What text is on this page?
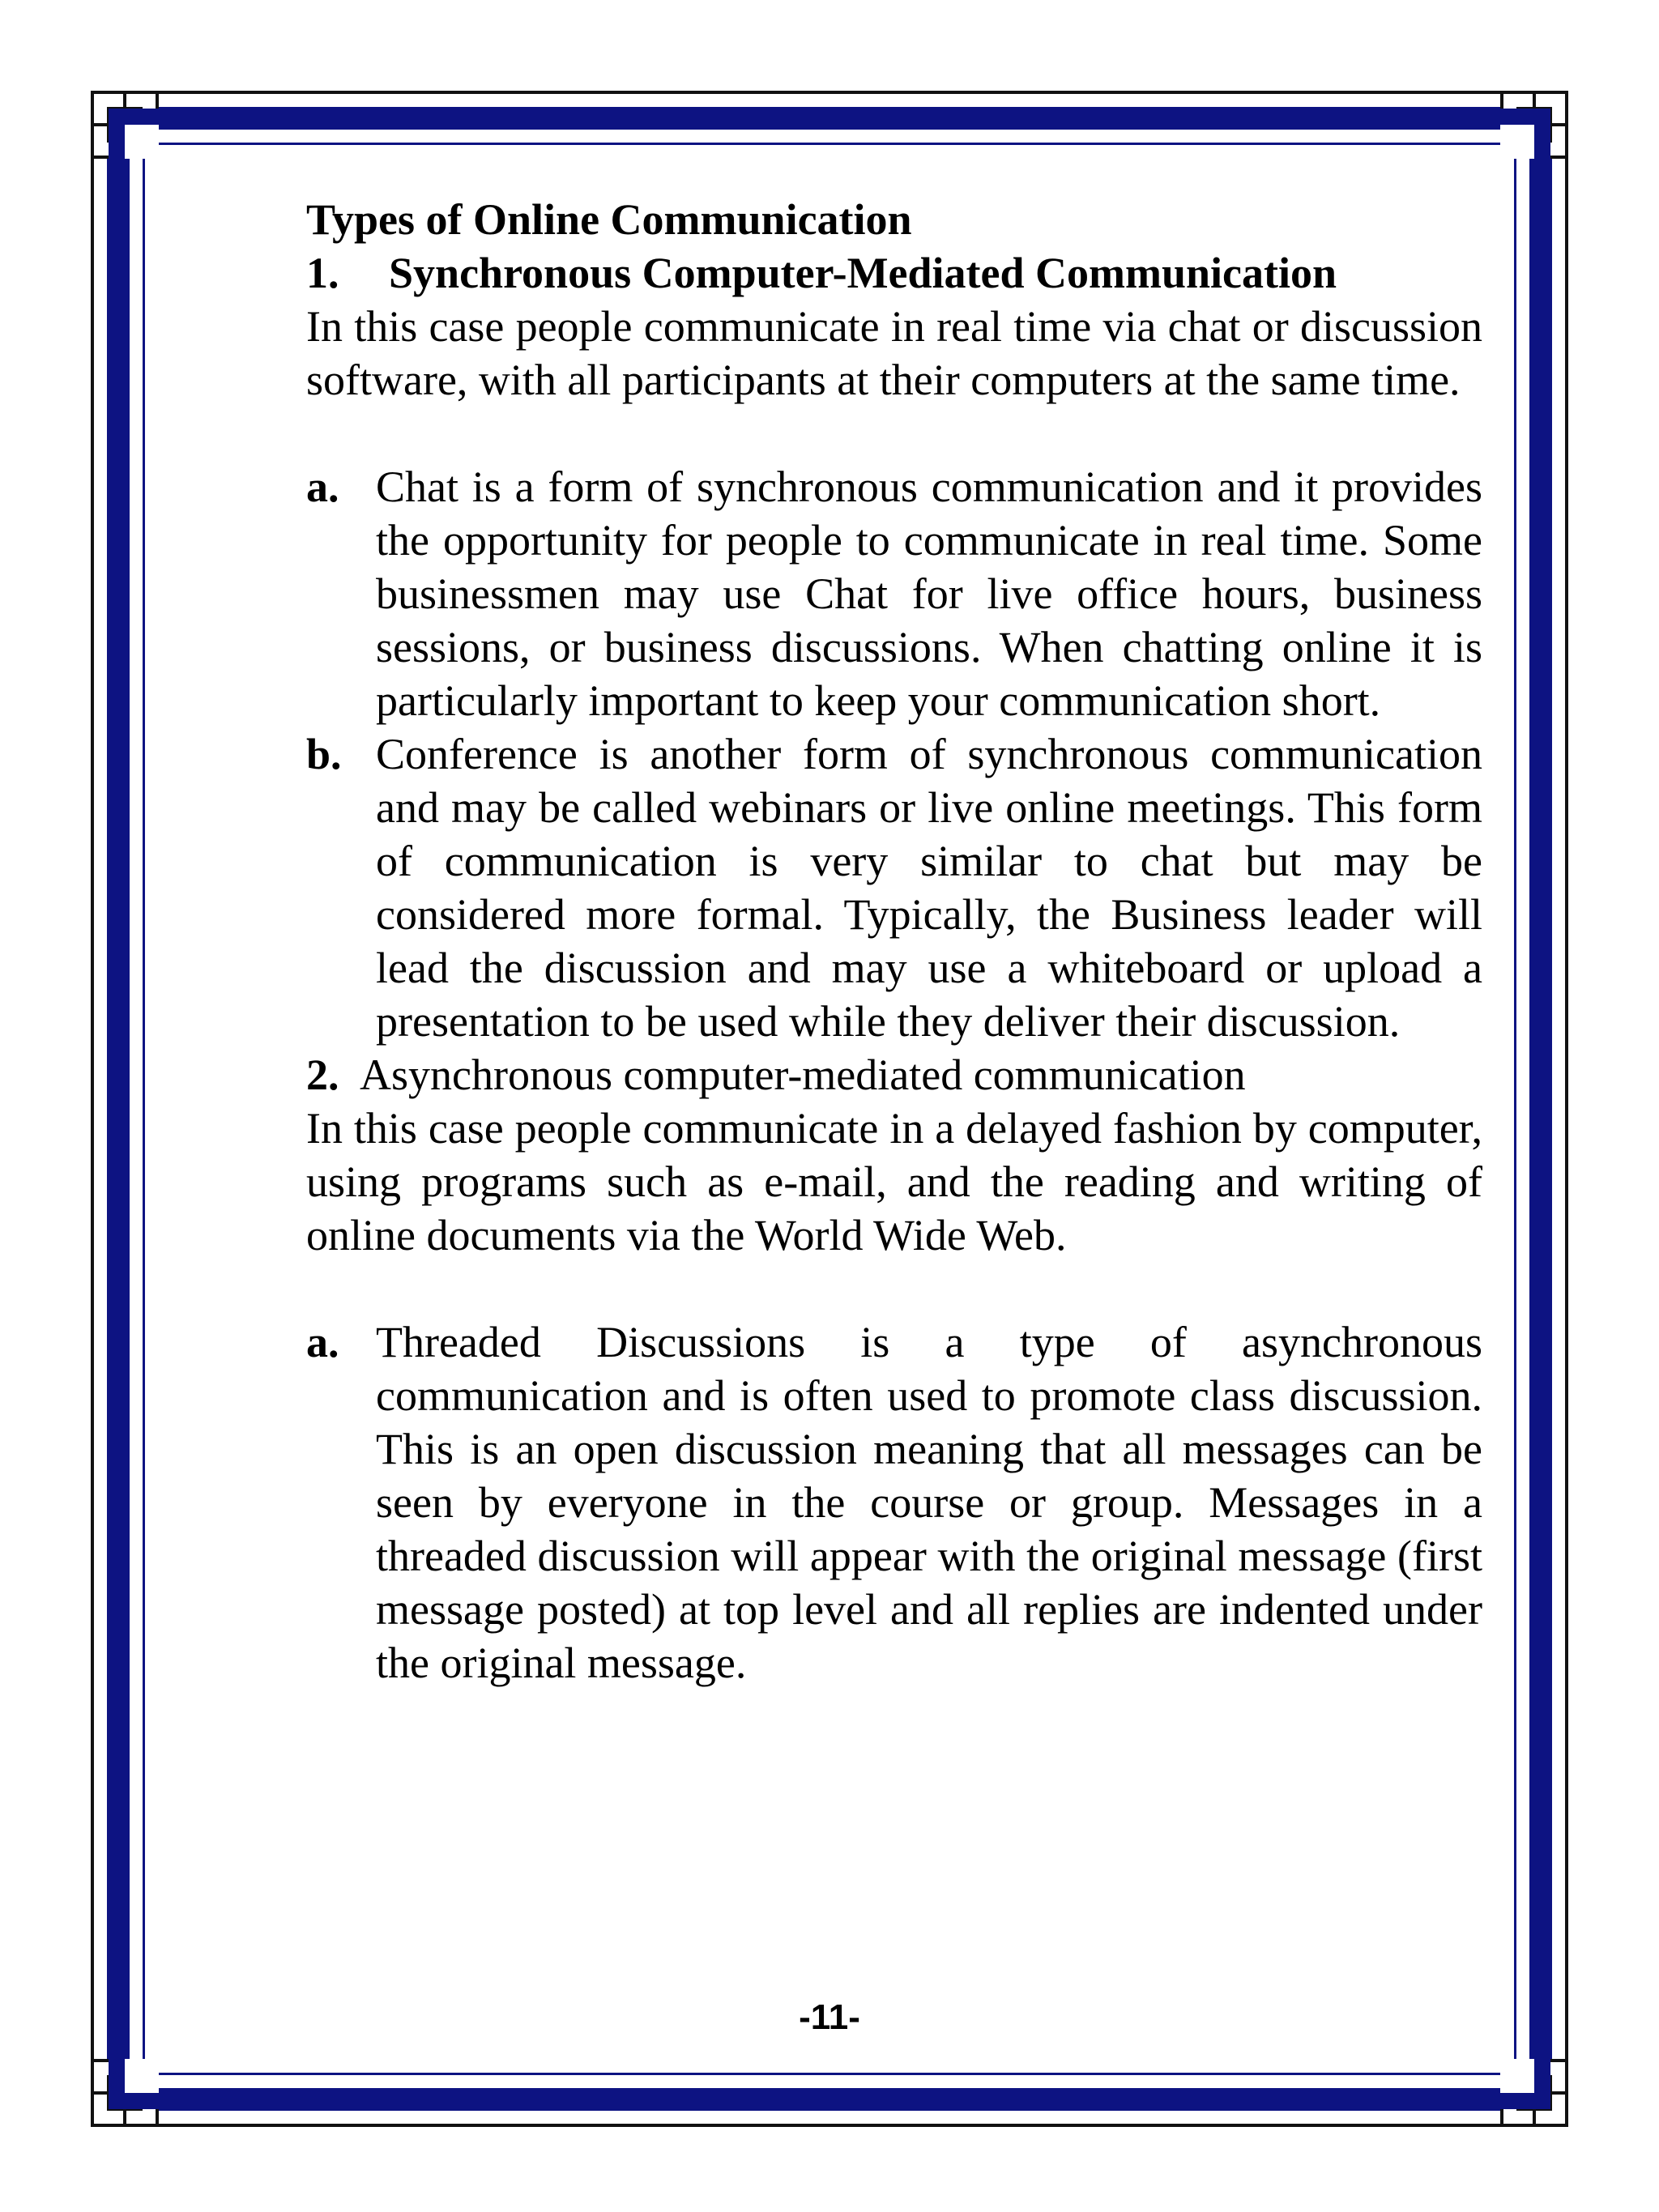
Types of Online Communication

1. Synchronous Computer-Mediated Communication

In this case people communicate in real time via chat or discussion software, with all participants at their computers at the same time.

a. Chat is a form of synchronous communication and it provides the opportunity for people to communicate in real time. Some businessmen may use Chat for live office hours, business sessions, or business discussions. When chatting online it is particularly important to keep your communication short.
b. Conference is another form of synchronous communication and may be called webinars or live online meetings. This form of communication is very similar to chat but may be considered more formal. Typically, the Business leader will lead the discussion and may use a whiteboard or upload a presentation to be used while they deliver their discussion.

2. Asynchronous computer-mediated communication

In this case people communicate in a delayed fashion by computer, using programs such as e-mail, and the reading and writing of online documents via the World Wide Web.

a. Threaded Discussions is a type of asynchronous communication and is often used to promote class discussion. This is an open discussion meaning that all messages can be seen by everyone in the course or group. Messages in a threaded discussion will appear with the original message (first message posted) at top level and all replies are indented under the original message.
-11-
